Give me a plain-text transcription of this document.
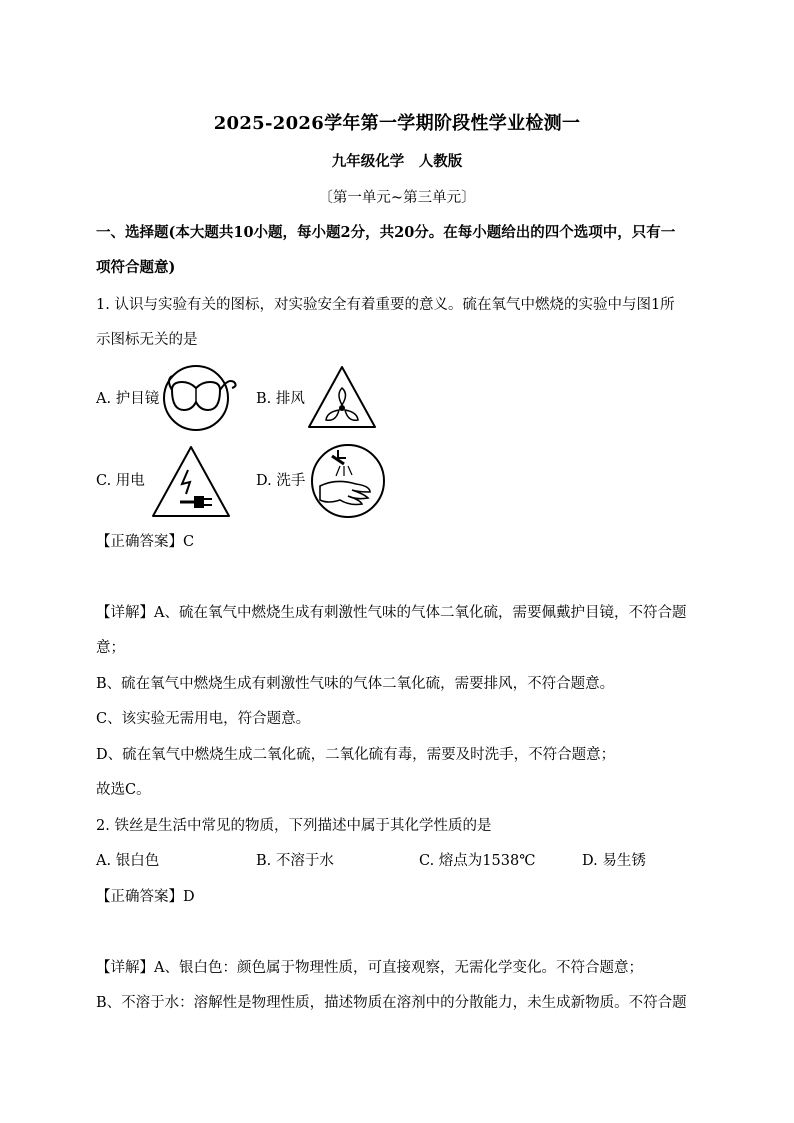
2025-2026学年第一学期阶段性学业检测一
九年级化学　人教版
〔第一单元~第三单元〕
一、选择题(本大题共10小题，每小题2分，共20分。在每小题给出的四个选项中，只有一
项符合题意)
1. 认识与实验有关的图标，对实验安全有着重要的意义。硫在氧气中燃烧的实验中与图1所
示图标无关的是
A. 护目镜	B. 排风
C. 用电	D. 洗手
【正确答案】C
【详解】A、硫在氧气中燃烧生成有刺激性气味的气体二氧化硫，需要佩戴护目镜，不符合题
意；
B、硫在氧气中燃烧生成有刺激性气味的气体二氧化硫，需要排风，不符合题意。
C、该实验无需用电，符合题意。
D、硫在氧气中燃烧生成二氧化硫，二氧化硫有毒，需要及时洗手，不符合题意；
故选C。
2. 铁丝是生活中常见的物质，下列描述中属于其化学性质的是
A. 银白色	B. 不溶于水	C. 熔点为1538℃	D. 易生锈
【正确答案】D
【详解】A、银白色：颜色属于物理性质，可直接观察，无需化学变化。不符合题意；
B、不溶于水：溶解性是物理性质，描述物质在溶剂中的分散能力，未生成新物质。不符合题
